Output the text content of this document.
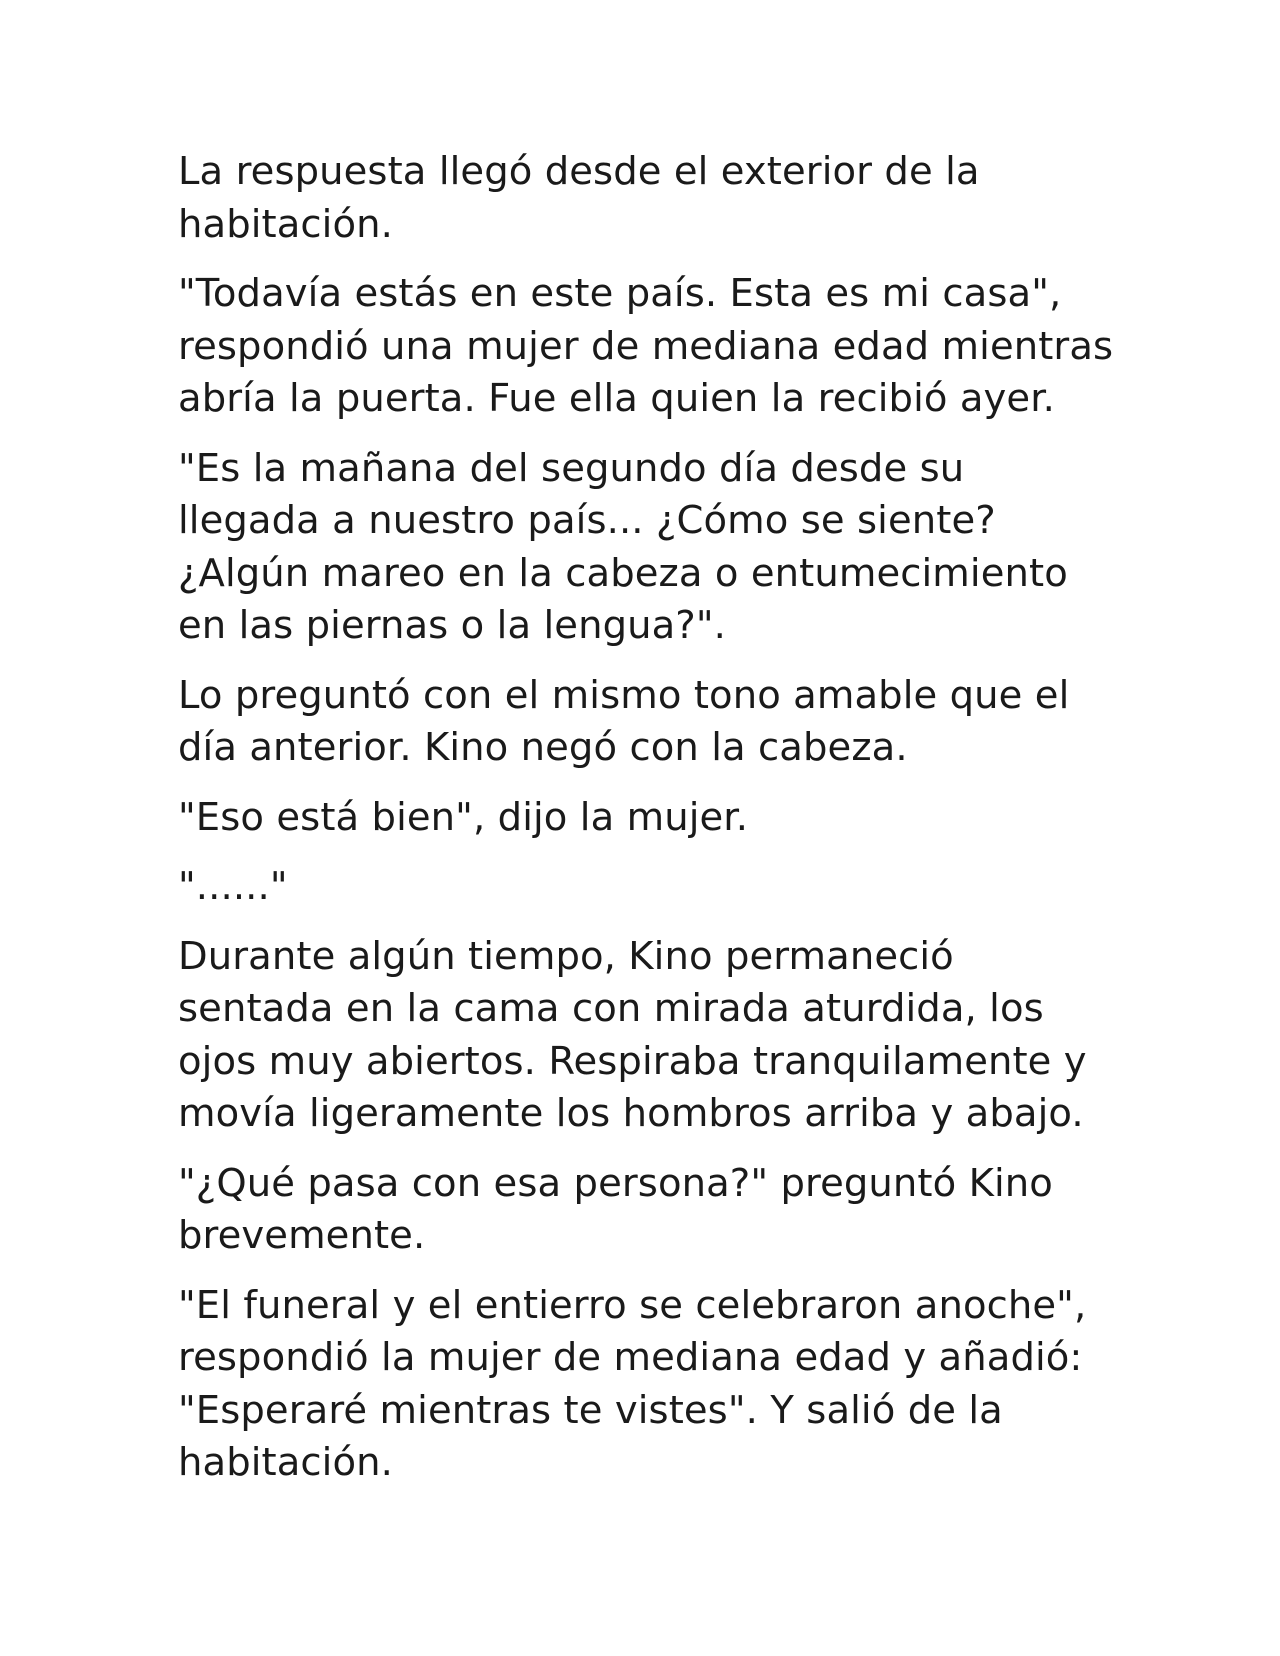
La respuesta llegó desde el exterior de la habitación.

"Todavía estás en este país. Esta es mi casa", respondió una mujer de mediana edad mientras abría la puerta. Fue ella quien la recibió ayer.

"Es la mañana del segundo día desde su llegada a nuestro país... ¿Cómo se siente? ¿Algún mareo en la cabeza o entumecimiento en las piernas o la lengua?".

Lo preguntó con el mismo tono amable que el día anterior. Kino negó con la cabeza.

"Eso está bien", dijo la mujer.

"......"

Durante algún tiempo, Kino permaneció sentada en la cama con mirada aturdida, los ojos muy abiertos. Respiraba tranquilamente y movía ligeramente los hombros arriba y abajo.

"¿Qué pasa con esa persona?" preguntó Kino brevemente.

"El funeral y el entierro se celebraron anoche", respondió la mujer de mediana edad y añadió: "Esperaré mientras te vistes". Y salió de la habitación.
